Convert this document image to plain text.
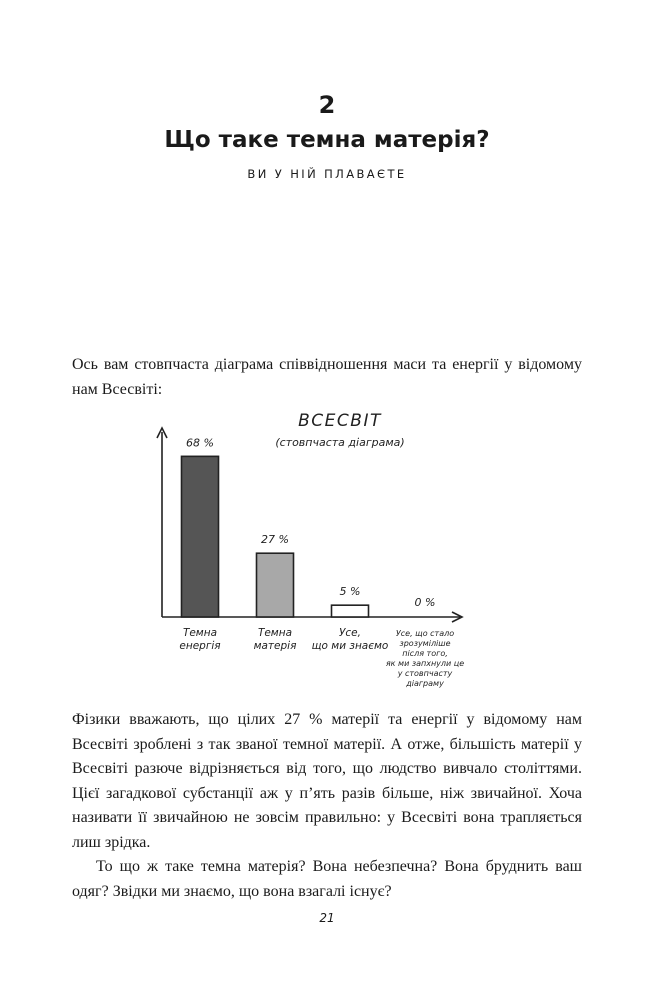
2
Що таке темна матерія?
ВИ У НІЙ ПЛАВАЄТЕ

Ось вам стовпчаста діаграма співвідношення маси та енергії у відомому нам Всесвіті:

ВСЕСВІТ
(стовпчаста діаграма)
68 %
27 %
5 %
0 %
Темна
енергія
Темна
матерія
Усе,
що ми знаємо
Усе, що стало
зрозуміліше
після того,
як ми запхнули це
у стовпчасту
діаграму

Фізики вважають, що цілих 27 % матерії та енергії у відомому нам Всесвіті зроблені з так званої темної матерії. А отже, більшість матерії у Всесвіті разюче відрізняється від того, що людство вивчало століттями. Цієї загадкової субстанції аж у п’ять разів більше, ніж звичайної. Хоча називати її звичайною не зовсім правильно: у Всесвіті вона трапляється лиш зрідка.

То що ж таке темна матерія? Вона небезпечна? Вона бруднить ваш одяг? Звідки ми знаємо, що вона взагалі існує?

21
